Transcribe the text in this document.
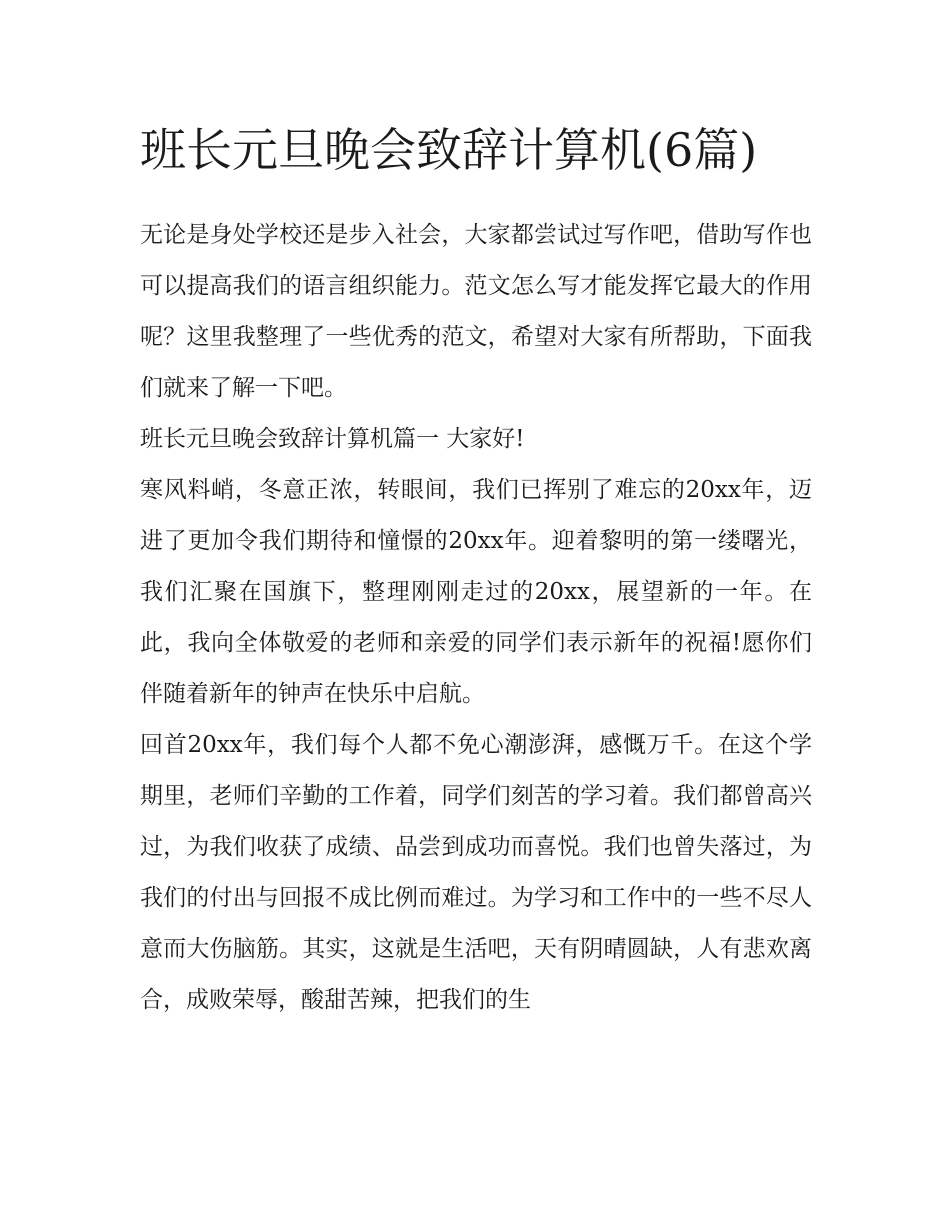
班长元旦晚会致辞计算机(6篇)

无论是身处学校还是步入社会，大家都尝试过写作吧，借助写作也可以提高我们的语言组织能力。范文怎么写才能发挥它最大的作用呢？这里我整理了一些优秀的范文，希望对大家有所帮助，下面我们就来了解一下吧。

班长元旦晚会致辞计算机篇一 大家好!

寒风料峭，冬意正浓，转眼间，我们已挥别了难忘的20xx年，迈进了更加令我们期待和憧憬的20xx年。迎着黎明的第一缕曙光，我们汇聚在国旗下，整理刚刚走过的20xx，展望新的一年。在此，我向全体敬爱的老师和亲爱的同学们表示新年的祝福!愿你们伴随着新年的钟声在快乐中启航。

回首20xx年，我们每个人都不免心潮澎湃，感慨万千。在这个学期里，老师们辛勤的工作着，同学们刻苦的学习着。我们都曾高兴过，为我们收获了成绩、品尝到成功而喜悦。我们也曾失落过，为我们的付出与回报不成比例而难过。为学习和工作中的一些不尽人意而大伤脑筋。其实，这就是生活吧，天有阴晴圆缺，人有悲欢离合，成败荣辱，酸甜苦辣，把我们的生
